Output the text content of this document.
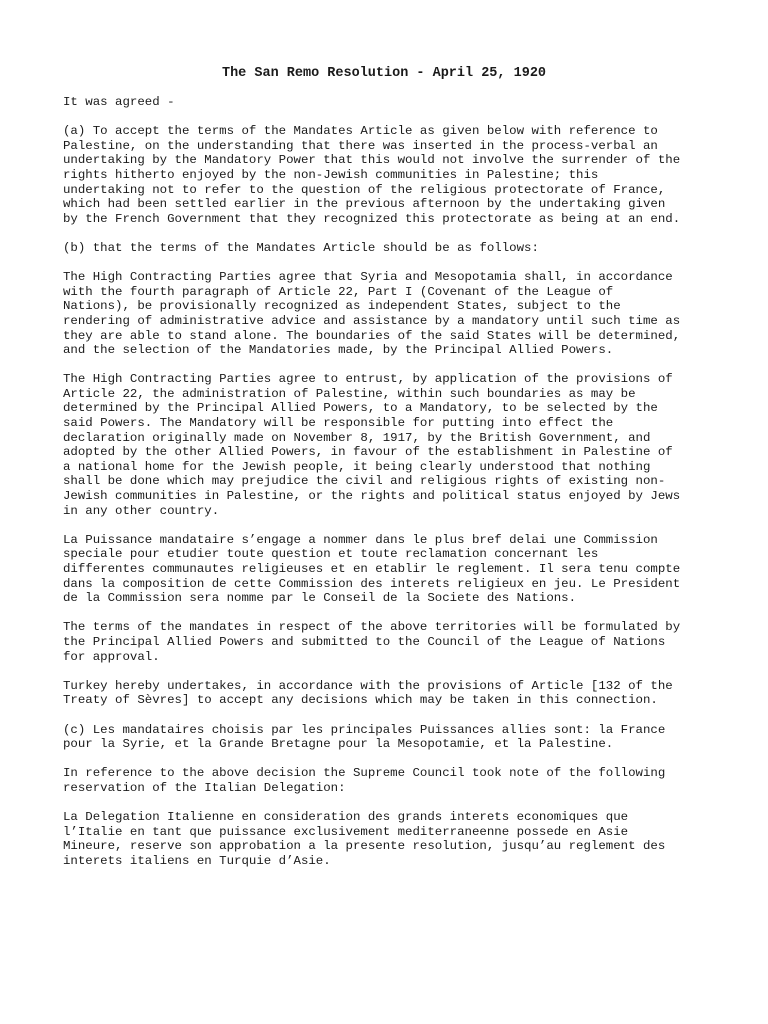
The San Remo Resolution - April 25, 1920
It was agreed -
(a) To accept the terms of the Mandates Article as given below with reference to
Palestine, on the understanding that there was inserted in the process-verbal an
undertaking by the Mandatory Power that this would not involve the surrender of the
rights hitherto enjoyed by the non-Jewish communities in Palestine; this
undertaking not to refer to the question of the religious protectorate of France,
which had been settled earlier in the previous afternoon by the undertaking given
by the French Government that they recognized this protectorate as being at an end.
(b) that the terms of the Mandates Article should be as follows:
The High Contracting Parties agree that Syria and Mesopotamia shall, in accordance
with the fourth paragraph of Article 22, Part I (Covenant of the League of
Nations), be provisionally recognized as independent States, subject to the
rendering of administrative advice and assistance by a mandatory until such time as
they are able to stand alone. The boundaries of the said States will be determined,
and the selection of the Mandatories made, by the Principal Allied Powers.
The High Contracting Parties agree to entrust, by application of the provisions of
Article 22, the administration of Palestine, within such boundaries as may be
determined by the Principal Allied Powers, to a Mandatory, to be selected by the
said Powers. The Mandatory will be responsible for putting into effect the
declaration originally made on November 8, 1917, by the British Government, and
adopted by the other Allied Powers, in favour of the establishment in Palestine of
a national home for the Jewish people, it being clearly understood that nothing
shall be done which may prejudice the civil and religious rights of existing non-
Jewish communities in Palestine, or the rights and political status enjoyed by Jews
in any other country.
La Puissance mandataire s’engage a nommer dans le plus bref delai une Commission
speciale pour etudier toute question et toute reclamation concernant les
differentes communautes religieuses et en etablir le reglement. Il sera tenu compte
dans la composition de cette Commission des interets religieux en jeu. Le President
de la Commission sera nomme par le Conseil de la Societe des Nations.
The terms of the mandates in respect of the above territories will be formulated by
the Principal Allied Powers and submitted to the Council of the League of Nations
for approval.
Turkey hereby undertakes, in accordance with the provisions of Article [132 of the
Treaty of Sèvres] to accept any decisions which may be taken in this connection.
(c) Les mandataires choisis par les principales Puissances allies sont: la France
pour la Syrie, et la Grande Bretagne pour la Mesopotamie, et la Palestine.
In reference to the above decision the Supreme Council took note of the following
reservation of the Italian Delegation:
La Delegation Italienne en consideration des grands interets economiques que
l’Italie en tant que puissance exclusivement mediterraneenne possede en Asie
Mineure, reserve son approbation a la presente resolution, jusqu’au reglement des
interets italiens en Turquie d’Asie.
